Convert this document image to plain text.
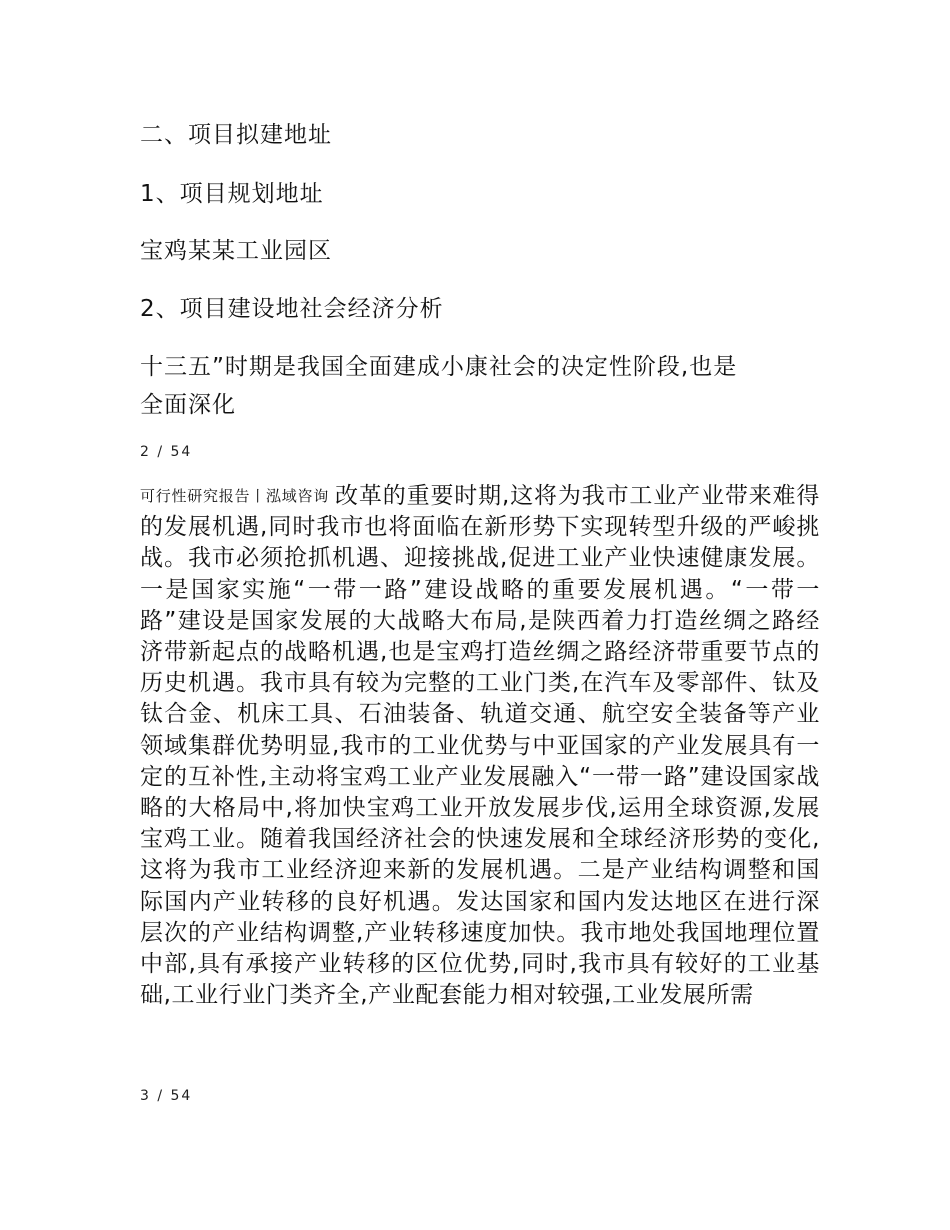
二、项目拟建地址
1、项目规划地址
宝鸡某某工业园区
2、项目建设地社会经济分析
十三五”时期是我国全面建成小康社会的决定性阶段,也是
全面深化
2 / 54
可行性研究报告丨泓域咨询 改革的重要时期,这将为我市工业产业带来难得的发展机遇,同时我市也将面临在新形势下实现转型升级的严峻挑战。我市必须抢抓机遇、迎接挑战,促进工业产业快速健康发展。一是国家实施“一带一路”建设战略的重要发展机遇。“一带一路”建设是国家发展的大战略大布局,是陕西着力打造丝绸之路经济带新起点的战略机遇,也是宝鸡打造丝绸之路经济带重要节点的历史机遇。我市具有较为完整的工业门类,在汽车及零部件、钛及钛合金、机床工具、石油装备、轨道交通、航空安全装备等产业领域集群优势明显,我市的工业优势与中亚国家的产业发展具有一定的互补性,主动将宝鸡工业产业发展融入“一带一路”建设国家战略的大格局中,将加快宝鸡工业开放发展步伐,运用全球资源,发展宝鸡工业。随着我国经济社会的快速发展和全球经济形势的变化,这将为我市工业经济迎来新的发展机遇。二是产业结构调整和国际国内产业转移的良好机遇。发达国家和国内发达地区在进行深层次的产业结构调整,产业转移速度加快。我市地处我国地理位置中部,具有承接产业转移的区位优势,同时,我市具有较好的工业基础,工业行业门类齐全,产业配套能力相对较强,工业发展所需
3 / 54
